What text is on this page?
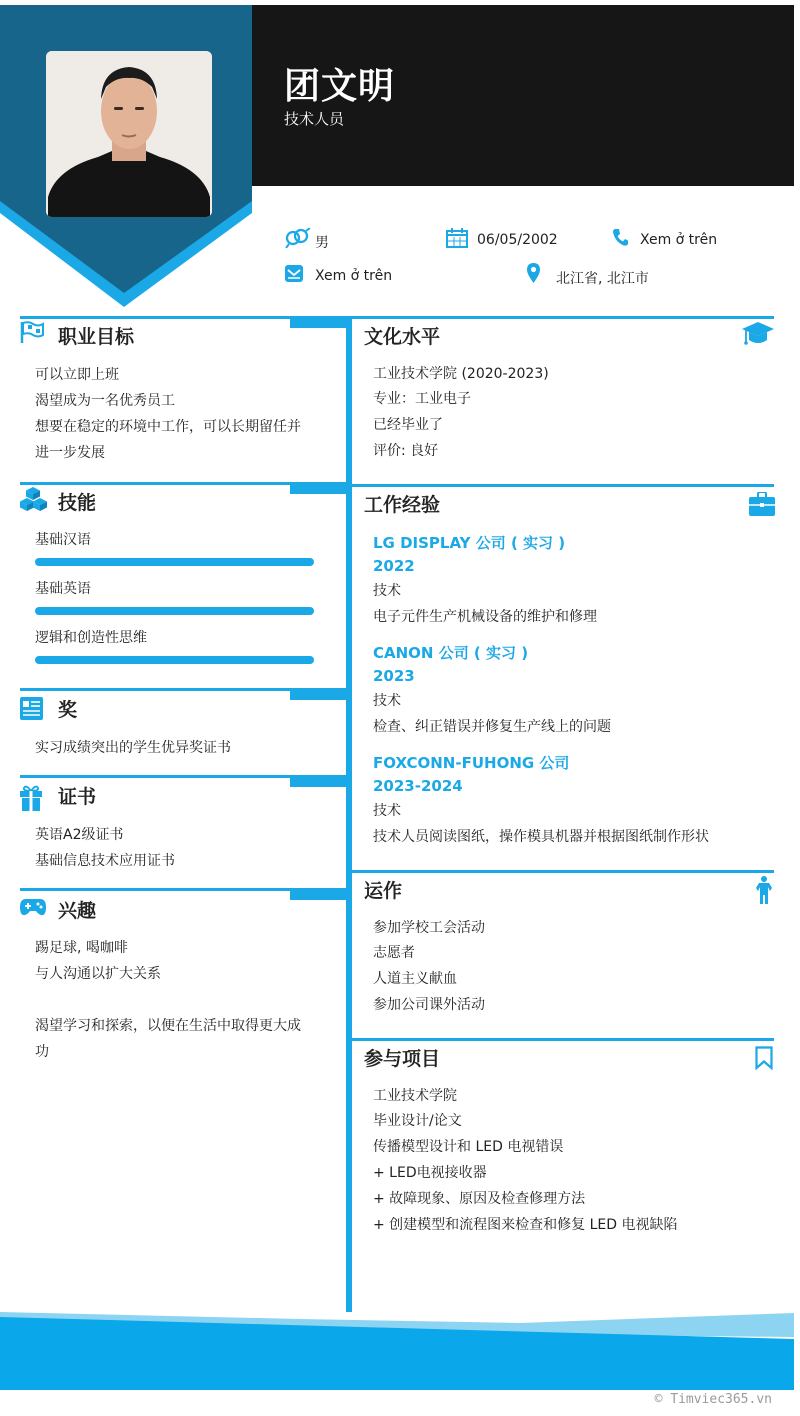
团文明
技术人员
男	06/05/2002	Xem ở trên
Xem ở trên	北江省, 北江市
职业目标
可以立即上班
渴望成为一名优秀员工
想要在稳定的环境中工作，可以长期留任并
进一步发展
技能
基础汉语
基础英语
逻辑和创造性思维
奖
实习成绩突出的学生优异奖证书
证书
英语A2级证书
基础信息技术应用证书
兴趣
踢足球, 喝咖啡
与人沟通以扩大关系
渴望学习和探索，以便在生活中取得更大成
功
文化水平
工业技术学院 (2020-2023)
专业：工业电子
已经毕业了
评价: 良好
工作经验
LG DISPLAY 公司 ( 实习 )
2022
技术
电子元件生产机械设备的维护和修理
CANON 公司 ( 实习 )
2023
技术
检查、纠正错误并修复生产线上的问题
FOXCONN-FUHONG 公司
2023-2024
技术
技术人员阅读图纸，操作模具机器并根据图纸制作形状
运作
参加学校工会活动
志愿者
人道主义献血
参加公司课外活动
参与项目
工业技术学院
毕业设计/论文
传播模型设计和 LED 电视错误
+ LED电视接收器
+ 故障现象、原因及检查修理方法
+ 创建模型和流程图来检查和修复 LED 电视缺陷
© Timviec365.vn
